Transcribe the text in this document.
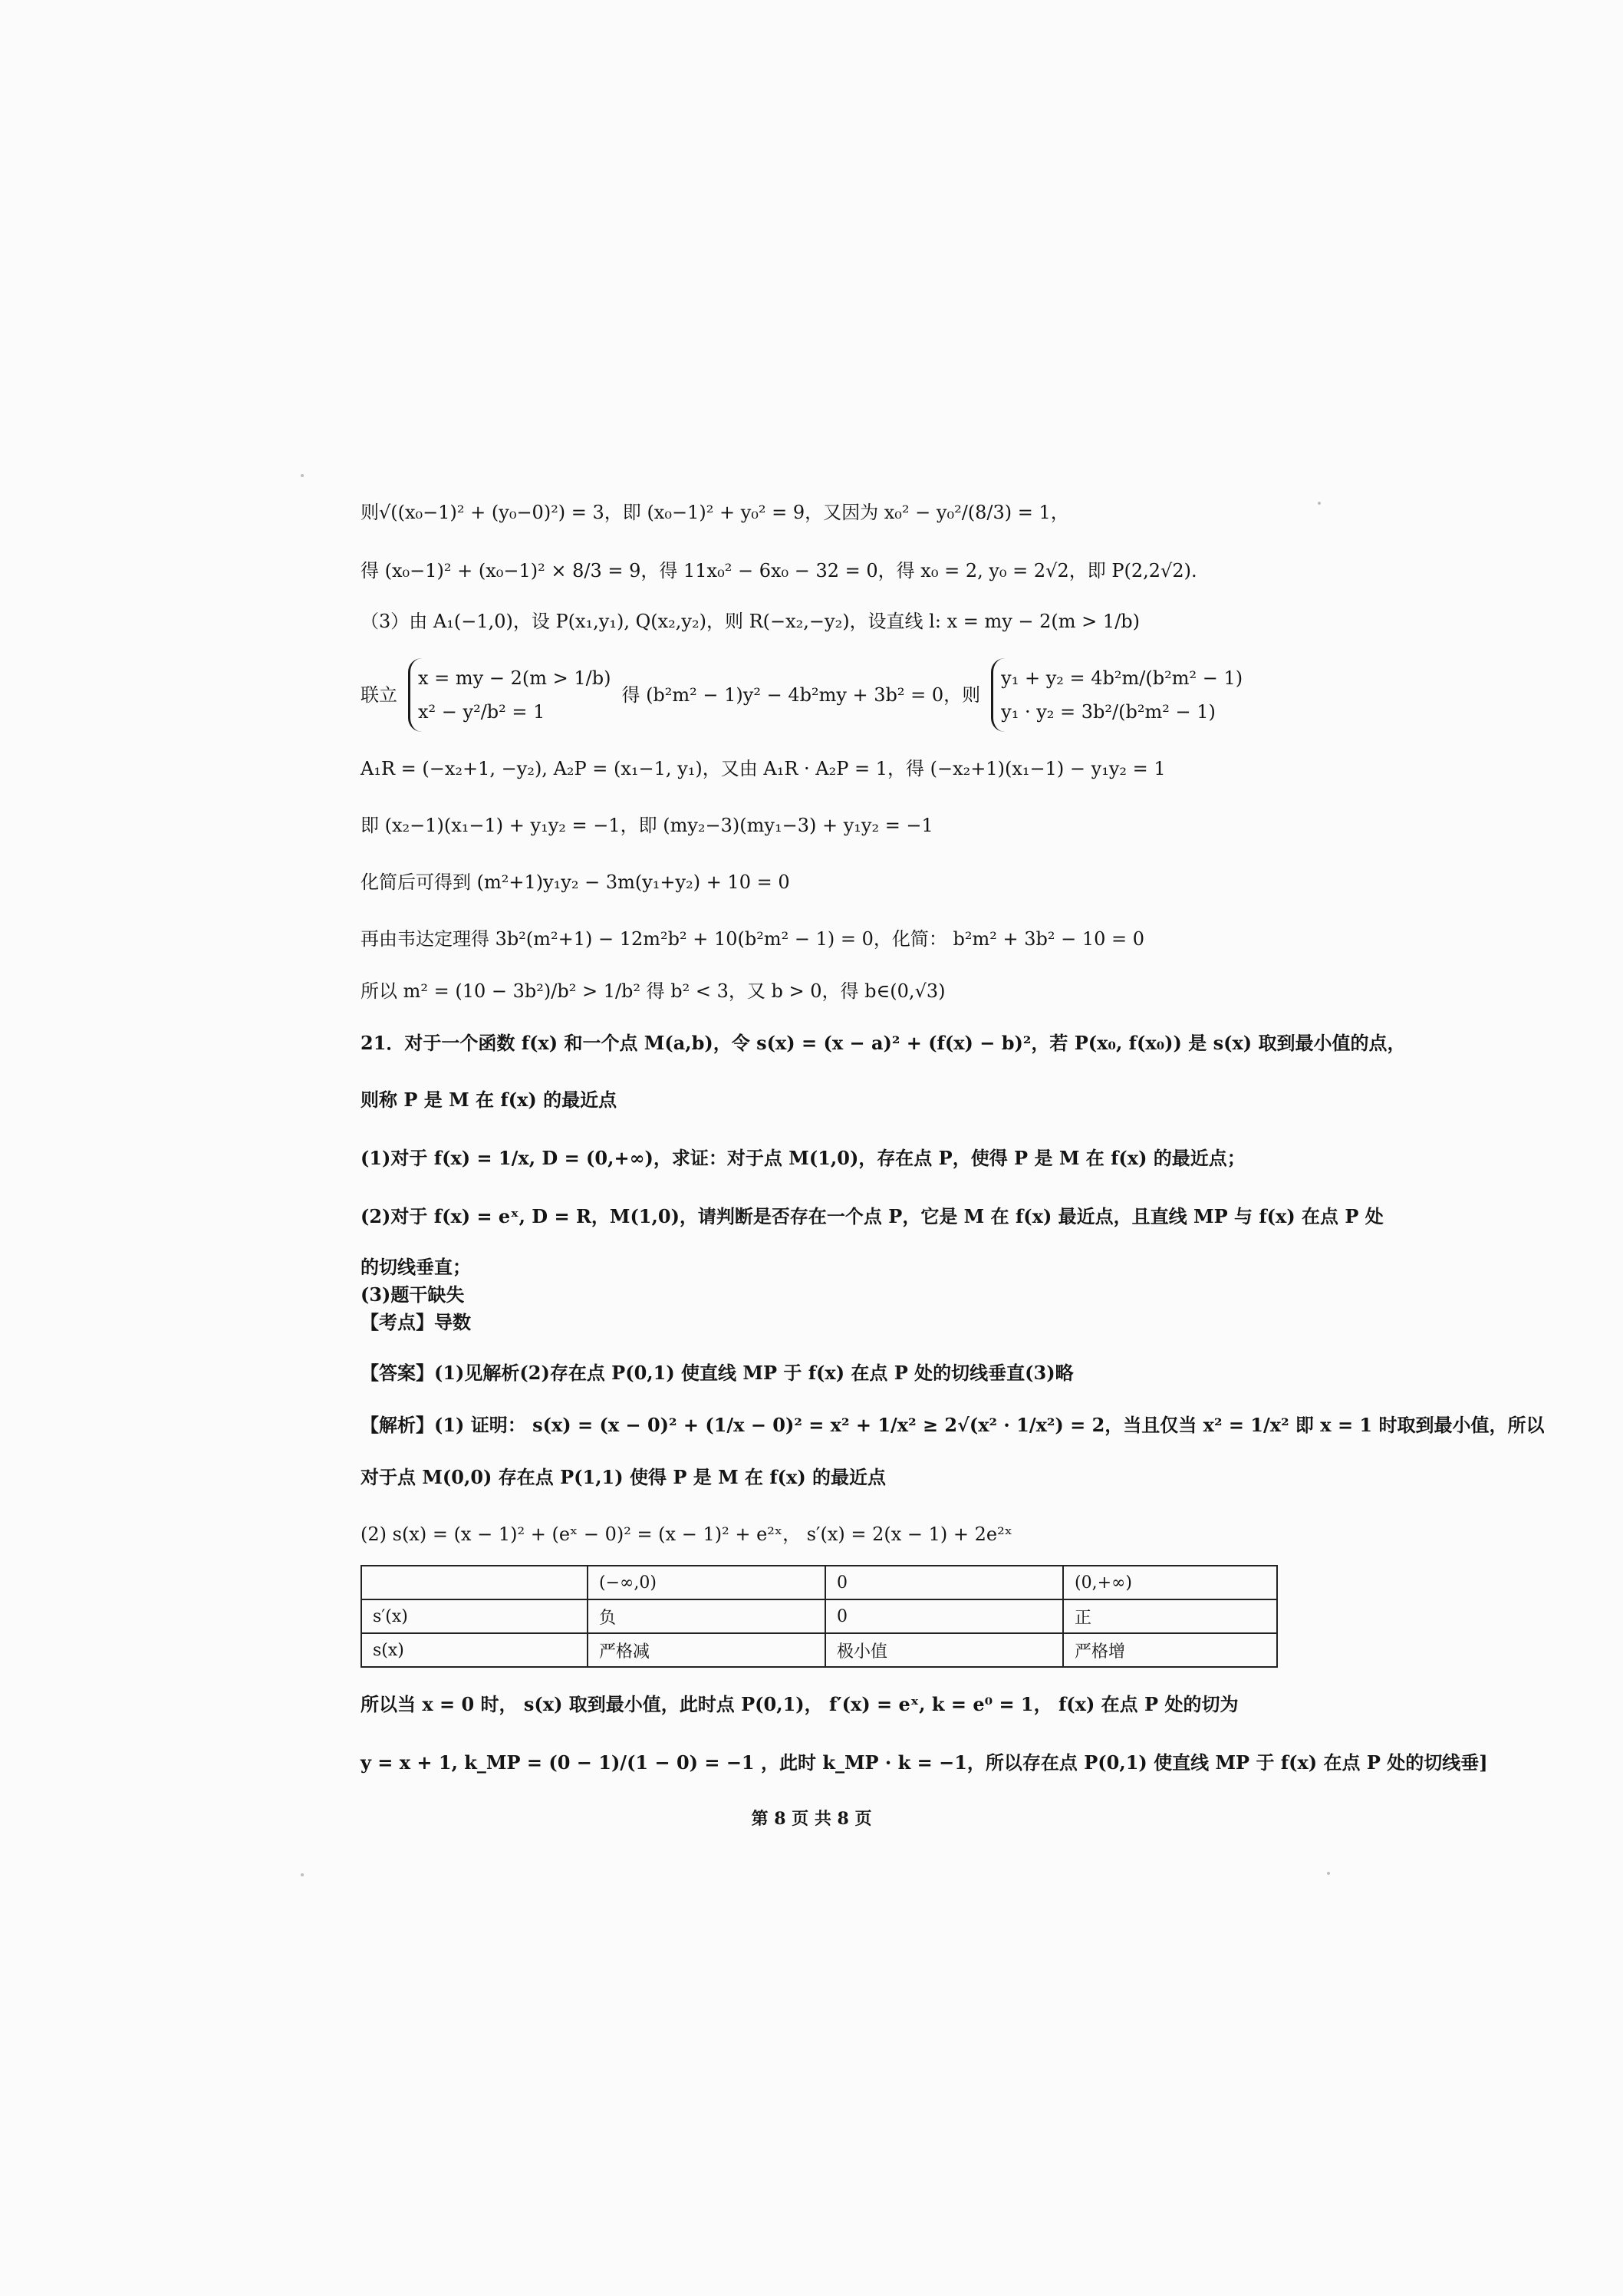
则√((x₀−1)² + (y₀−0)²) = 3，即 (x₀−1)² + y₀² = 9，又因为 x₀² − y₀²/(8/3) = 1，

得 (x₀−1)² + (x₀−1)² × 8/3 = 9，得 11x₀² − 6x₀ − 32 = 0，得 x₀ = 2, y₀ = 2√2，即 P(2,2√2).

（3）由 A₁(−1,0)，设 P(x₁,y₁), Q(x₂,y₂)，则 R(−x₂,−y₂)，设直线 l: x = my − 2(m > 1/b)

联立
x = my − 2(m > 1/b)
x² − y²/b² = 1
得 (b²m² − 1)y² − 4b²my + 3b² = 0，则
y₁ + y₂ = 4b²m/(b²m² − 1)
y₁ · y₂ = 3b²/(b²m² − 1)

A₁R = (−x₂+1, −y₂), A₂P = (x₁−1, y₁)，又由 A₁R · A₂P = 1，得 (−x₂+1)(x₁−1) − y₁y₂ = 1

即 (x₂−1)(x₁−1) + y₁y₂ = −1，即 (my₂−3)(my₁−3) + y₁y₂ = −1

化简后可得到 (m²+1)y₁y₂ − 3m(y₁+y₂) + 10 = 0

再由韦达定理得 3b²(m²+1) − 12m²b² + 10(b²m² − 1) = 0，化简： b²m² + 3b² − 10 = 0

所以 m² = (10 − 3b²)/b² > 1/b² 得 b² < 3，又 b > 0，得 b∈(0,√3)

21．对于一个函数 f(x) 和一个点 M(a,b)，令 s(x) = (x − a)² + (f(x) − b)²，若 P(x₀, f(x₀)) 是 s(x) 取到最小值的点，

则称 P 是 M 在 f(x) 的最近点

(1)对于 f(x) = 1/x, D = (0,+∞)，求证：对于点 M(1,0)，存在点 P，使得 P 是 M 在 f(x) 的最近点；

(2)对于 f(x) = eˣ, D = R，M(1,0)，请判断是否存在一个点 P，它是 M 在 f(x) 最近点，且直线 MP 与 f(x) 在点 P 处

的切线垂直；

(3)题干缺失

【考点】导数

【答案】(1)见解析(2)存在点 P(0,1) 使直线 MP 于 f(x) 在点 P 处的切线垂直(3)略

【解析】(1) 证明： s(x) = (x − 0)² + (1/x − 0)² = x² + 1/x² ≥ 2√(x² · 1/x²) = 2，当且仅当 x² = 1/x² 即 x = 1 时取到最小值，所以

对于点 M(0,0) 存在点 P(1,1) 使得 P 是 M 在 f(x) 的最近点

(2) s(x) = (x − 1)² + (eˣ − 0)² = (x − 1)² + e²ˣ， s′(x) = 2(x − 1) + 2e²ˣ

	(−∞,0)	0	(0,+∞)
s′(x)	负	0	正
s(x)	严格减	极小值	严格增

所以当 x = 0 时， s(x) 取到最小值，此时点 P(0,1)， f′(x) = eˣ, k = e⁰ = 1， f(x) 在点 P 处的切为

y = x + 1, k_MP = (0 − 1)/(1 − 0) = −1 ，此时 k_MP · k = −1，所以存在点 P(0,1) 使直线 MP 于 f(x) 在点 P 处的切线垂]

第 8 页 共 8 页
